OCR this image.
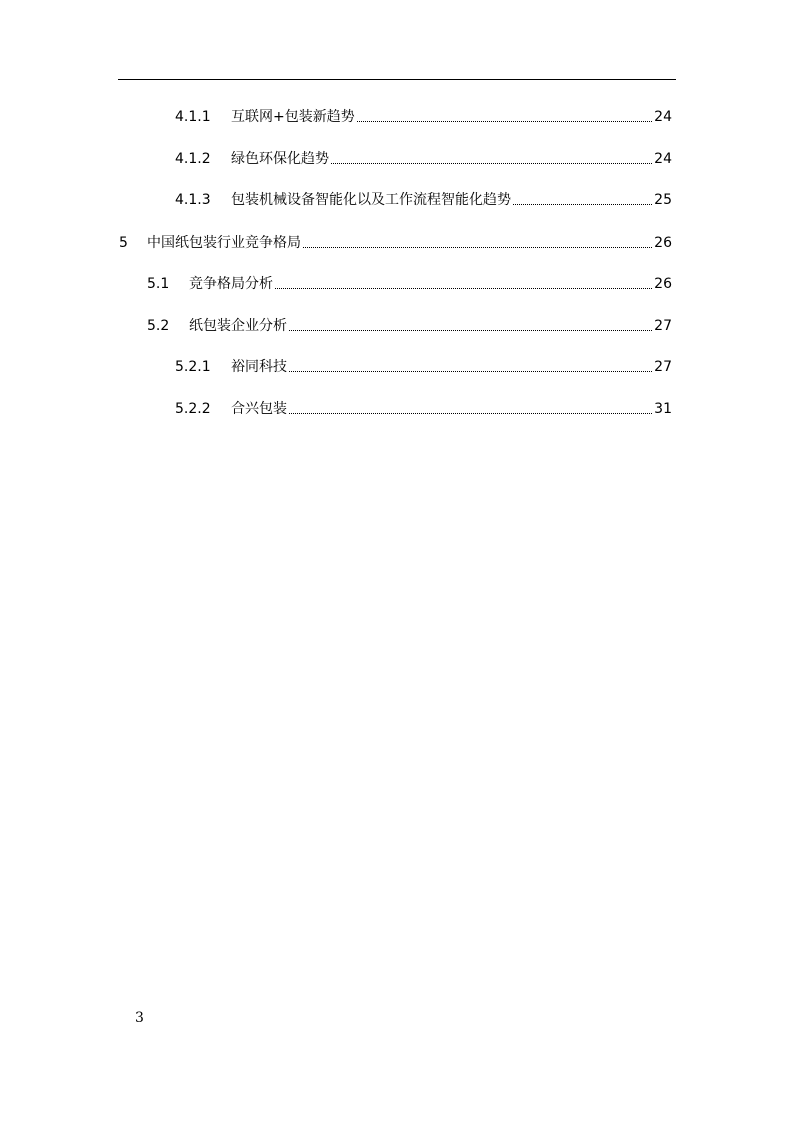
4.1.1	互联网+包装新趋势	24
4.1.2	绿色环保化趋势	24
4.1.3	包装机械设备智能化以及工作流程智能化趋势	25
5	中国纸包装行业竞争格局	26
5.1	竞争格局分析	26
5.2	纸包装企业分析	27
5.2.1	裕同科技	27
5.2.2	合兴包装	31
3
